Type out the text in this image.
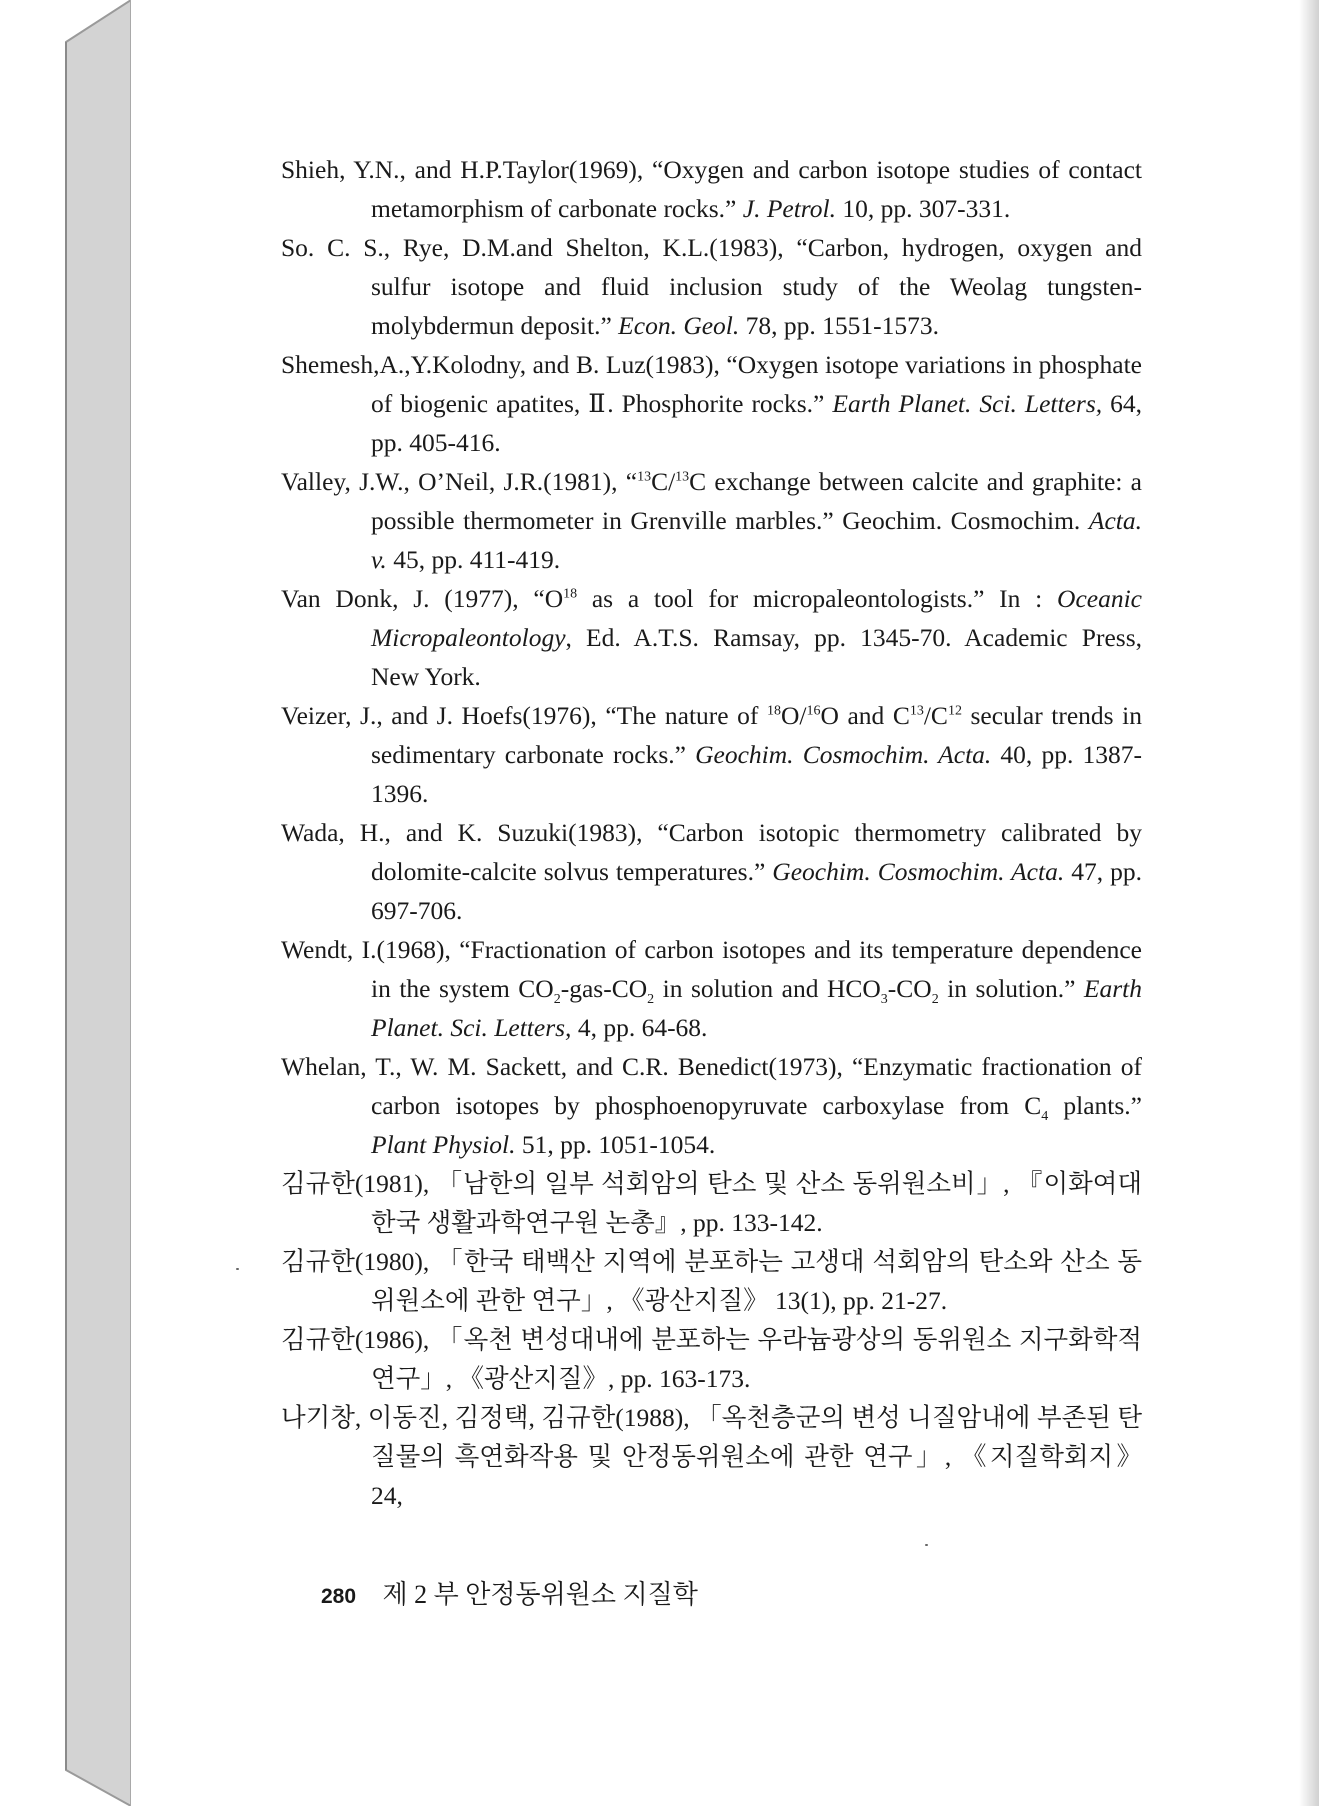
Shieh, Y.N., and H.P.Taylor(1969), “Oxygen and carbon isotope studies of contact metamorphism of carbonate rocks.” J. Petrol. 10, pp. 307-331.

So. C. S., Rye, D.M.and Shelton, K.L.(1983), “Carbon, hydrogen, oxygen and sulfur isotope and fluid inclusion study of the Weolag tungsten-molybdermun deposit.” Econ. Geol. 78, pp. 1551-1573.

Shemesh,A.,Y.Kolodny, and B. Luz(1983), “Oxygen isotope variations in phosphate of biogenic apatites, Ⅱ. Phosphorite rocks.” Earth Planet. Sci. Letters, 64, pp. 405-416.

Valley, J.W., O’Neil, J.R.(1981), “$^{13}$C/$^{13}$C exchange between calcite and graphite: a possible thermometer in Grenville marbles.” Geochim. Cosmochim. Acta. v. 45, pp. 411-419.

Van Donk, J. (1977), “$O^{18}$ as a tool for micropaleontologists.” In : Oceanic Micropaleontology, Ed. A.T.S. Ramsay, pp. 1345-70. Academic Press, New York.

Veizer, J., and J. Hoefs(1976), “The nature of $^{18}$O/$^{16}$O and $C^{13}/C^{12}$ secular trends in sedimentary carbonate rocks.” Geochim. Cosmochim. Acta. 40, pp. 1387-1396.

Wada, H., and K. Suzuki(1983), “Carbon isotopic thermometry calibrated by dolomite-calcite solvus temperatures.” Geochim. Cosmochim. Acta. 47, pp. 697-706.

Wendt, I.(1968), “Fractionation of carbon isotopes and its temperature dependence in the system $CO_2-gas-CO_2$ in solution and $HCO_3-CO_2$ in solution.” Earth Planet. Sci. Letters, 4, pp. 64-68.

Whelan, T., W. M. Sackett, and C.R. Benedict(1973), “Enzymatic fractionation of carbon isotopes by phosphoenopyruvate carboxylase from $C_4$ plants.” Plant Physiol. 51, pp. 1051-1054.

김규한(1981), 「남한의 일부 석회암의 탄소 및 산소 동위원소비」, 『이화여대 한국 생활과학연구원 논총』, pp. 133-142.

김규한(1980), 「한국 태백산 지역에 분포하는 고생대 석회암의 탄소와 산소 동위원소에 관한 연구」, 《광산지질》 13(1), pp. 21-27.

김규한(1986), 「옥천 변성대내에 분포하는 우라늄광상의 동위원소 지구화학적 연구」, 《광산지질》, pp. 163-173.

나기창, 이동진, 김정택, 김규한(1988), 「옥천층군의 변성 니질암내에 부존된 탄질물의 흑연화작용 및 안정동위원소에 관한 연구」, 《지질학회지》 24,

280 제 2 부 안정동위원소 지질학
